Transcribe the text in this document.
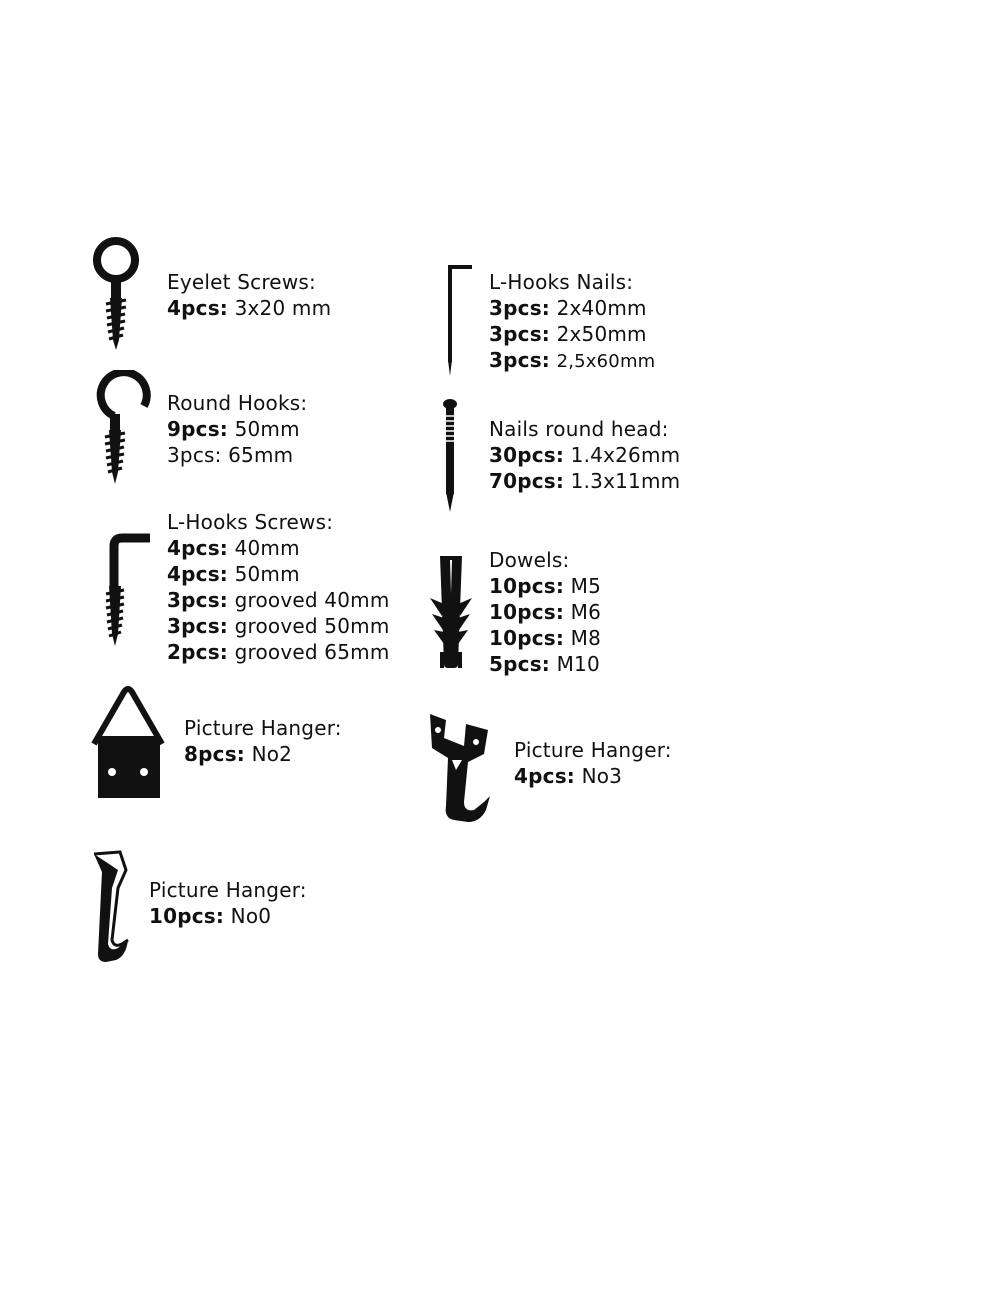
Eyelet Screws:
4pcs: 3x20 mm
Round Hooks:
9pcs: 50mm
3pcs: 65mm
L-Hooks Screws:
4pcs: 40mm
4pcs: 50mm
3pcs: grooved 40mm
3pcs: grooved 50mm
2pcs: grooved 65mm
Picture Hanger:
8pcs: No2
Picture Hanger:
10pcs: No0
L-Hooks Nails:
3pcs: 2x40mm
3pcs: 2x50mm
3pcs: 2,5x60mm
Nails round head:
30pcs: 1.4x26mm
70pcs: 1.3x11mm
Dowels:
10pcs: M5
10pcs: M6
10pcs: M8
5pcs: M10
Picture Hanger:
4pcs: No3
